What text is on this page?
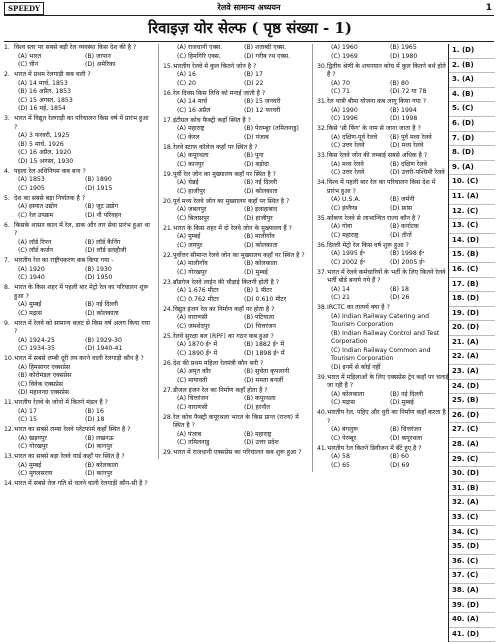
SPEEDY	रेलवे सामान्य अध्ययन	1
रिवाइज़ योर सेल्फ ( पृष्ठ संख्या - 1)
1. विश्व स्तर पर सबसे बड़ी रेल व्यवस्था किस देश की है ?
(A) भारत	(B) जापान
(C) चीन	(D) अमेरिका
2. भारत में प्रथम रेलगाड़ी कब चली ?
(A) 14 मार्च, 1853
(B) 16 अप्रैल, 1853
(C) 15 अगस्त, 1853
(D) 16 मई, 1854
3. भारत में विद्युत रेलगाड़ी का परिचालन किस वर्ष में प्रारंभ हुआ ?
(A) 3 फरवरी, 1925
(B) 5 मार्च, 1926
(C) 16 अप्रैल, 1920
(D) 15 अगस्त, 1930
4. पहला रेल अधिनियम कब बना ?
(A) 1853	(B) 1890
(C) 1905	(D) 1915
5. देश का सबसे बड़ा निर्यातक है ?
(A) इस्पात उद्योग	(B) जूट उद्योग
(C) रेल उपक्रम	(D) नौ परिवहन
6. किसके शासन काल में रेल, डाक और तार सेवा प्रारंभ हुआ था ?
(A) लॉर्ड रिपन	(B) लॉर्ड कैनिंग
(C) लॉर्ड कर्जन	(D) लॉर्ड डलहौजी
7. भारतीय रेल का राष्ट्रीयकरण कब किया गया -
(A) 1920	(B) 1930
(C) 1940	(D) 1950
8. भारत के किस शहर में पहली बार मेट्रो रेल का परिचालन शुरू हुआ ?
(A) मुम्बई	(B) नई दिल्ली
(C) मद्रास	(D) कोलकाता
9. भारत में रेलवे को सामान्य बजट से किस वर्ष अलग किया गया ?
(A) 1924-25	(B) 1929-30
(C) 1934-35	(D) 1940-41
10. भारत में सबसे लम्बी दूरी तय करने वाली रेलगाड़ी कौन है ?
(A) हिमसागर एक्सप्रेस
(B) कोरोमंडल एक्सप्रेस
(C) विवेक एक्सप्रेस
(D) महानन्दा एक्सप्रेस
11. भारतीय रेलवे के जोनों में कितने मंडल हैं ?
(A) 17	(B) 16
(C) 15	(D) 18
12. भारत का सबसे लम्बा रेलवे प्लेटफार्म कहाँ स्थित है ?
(A) खड़गपुर	(B) लखनऊ
(C) गोरखपुर	(D) कानपुर
13. भारत का सबसे बड़ा रेलवे यार्ड कहाँ पर स्थित है ?
(A) मुम्बई	(B) कोलकाता
(C) मुगलसराय	(D) कानपुर
14. भारत में सबसे तेज गति से चलने वाली रेलगाड़ी कौन-सी है ?
(A) राजधानी एक्स.	(B) शताब्दी एक्स.
(C) हिमगिरि एक्स.	(D) गरीब रथ एक्स.
15. भारतीय रेलवे में कुल कितने जोन है ?
(A) 16	(B) 17
(C) 20	(D) 22
16. रेल दिवस किस तिथि को मनाई जाती है ?
(A) 14 मार्च	(B) 15 जनवरी
(C) 16 अप्रैल	(D) 12 फरवरी
17. इंटीग्रल कोच फैक्ट्री कहाँ स्थित है ?
(A) महाराष्ट्र	(B) पेराम्बूर (तमिलनाडु)
(C) केरल	(D) पंजाब
18. रेलवे स्टाफ कॉलेज कहाँ पर स्थित है ?
(A) कपूरथला	(B) पूना
(C) कानपुर	(D) बड़ोदा
19. पूर्वी रेल जोन का मुख्यालय कहाँ पर स्थित है ?
(A) चेन्नई	(B) नई दिल्ली
(C) हाजीपुर	(D) कोलकाता
20. पूर्व मध्य रेलवे जोन का मुख्यालय कहाँ पर स्थित है ?
(A) जबलपुर	(B) इलाहाबाद
(C) बिलासपुर	(D) हाजीपुर
21. भारत के किस शहर में दो रेलवे जोन के मुख्यालय हैं ?
(A) मुम्बई	(B) मालीगाँव
(C) जयपुर	(D) कोलकाता
22. पूर्वोत्तर सीमान्त रेलवे जोन का मुख्यालय कहाँ पर स्थित है ?
(A) मालीगाँव	(B) कोलकाता
(C) गोरखपुर	(D) मुम्बई
23. ब्रॉडगेज रेलवे लाईन की चौड़ाई कितनी होती है ?
(A) 1.676 मीटर	(B) 1 मीटर
(C) 0.762 मीटर	(D) 0.610 मीटर
24. विद्युत इंजन रेल का निर्माण कहाँ पर होता है ?
(A) वाराणसी	(B) पटियाला
(C) जमशेदपुर	(D) चित्तरंजन
25. रेलवे सुरक्षा बल (RPF) का गठन कब हुआ ?
(A) 1870 ई॰ में	(B) 1882 ई॰ में
(C) 1890 ई॰ में	(D) 1898 ई॰ में
26. देश की प्रथम महिला रेलमंत्री कौन बनी ?
(A) अमृत कौर	(B) सुचेता कृपलानी
(C) मायावती	(D) ममता बनर्जी
27. डीजल इंजन रेल का निर्माण कहाँ होता है ?
(A) चित्तरंजन	(B) कपूरथला
(C) वाराणसी	(D) हरनौत
28. रेल कोच फैक्ट्री कपूरथला भारत के किस प्रान्त (राज्य) में स्थित है ?
(A) पंजाब	(B) महाराष्ट्र
(C) तमिलनाडु	(D) उत्तर प्रदेश
29. भारत में राजधानी एक्सप्रेस का परिचालन कब शुरू हुआ ?
(A) 1960	(B) 1965
(C) 1969	(D) 1980
30. द्वितीय श्रेणी के शयनयान कोच में कुल कितने बर्थ होते हैं ?
(A) 70	(B) 80
(C) 71	(D) 72 या 78
31. रेल यात्री बीमा योजना कब लागू किया गया ?
(A) 1990	(B) 1994
(C) 1996	(D) 1998
32. किसे 'थ्री फिंग' के नाम से जाना जाता है ?
(A) दक्षिण-पूर्व रेलवे	(B) पूर्व मध्य रेलवे
(C) उत्तर रेलवे	(D) मध्य रेलवे
33. किस रेलवे जोन की लम्बाई सबसे अधिक है ?
(A) मध्य रेलवे	(B) दक्षिण रेलवे
(C) उत्तर रेलवे	(D) उत्तरी-पश्चिमी रेलवे
34. विश्व में पहली बार रेल का परिचालन किस देश में प्रारंभ हुआ ?
(A) U.S.A.	(B) जर्मनी
(C) इंग्लैण्ड	(D) फ्रांस
35. कोंकण रेलवे से लाभान्वित राज्य कौन है ?
(A) गोवा	(B) कर्नाटक
(C) महाराष्ट्र	(D) तीनों
36. दिल्ली मेट्रो रेल किस वर्ष शुरू हुआ ?
(A) 1995 ई॰	(B) 1998 ई॰
(C) 2002 ई॰	(D) 2005 ई॰
37. भारत में रेलवे कर्मचारियों के भर्ती के लिए कितने रेलवे भर्ती बोर्ड बनाये गये हैं ?
(A) 14	(B) 18
(C) 21	(D) 26
38. IRCTC का तात्पर्य क्या है ?
(A) Indian Railway Catering and Tourism Corporation
(B) Indian Railway Control and Test Corporation
(C) Indian Railway Common and Tourism Corporation
(D) इनमें से कोई नहीं
39. भारत में महिलाओं के लिए एक्सप्रेस ट्रेन कहाँ पर चलाई जा रही है ?
(A) कोलकाता	(B) नई दिल्ली
(C) मद्रास	(D) मुम्बई
40. भारतीय रेल, पहिए और धुरी का निर्माण कहाँ करता है ?
(A) बंगलुरू	(B) चित्तरंजन
(C) पेरम्बूर	(D) कपूरथला
41. भारतीय रेल कितने डिवीजन में बँटे हुए है ?
(A) 58	(B) 60
(C) 65	(D) 69
1. (D)
2. (B)
3. (A)
4. (B)
5. (C)
6. (D)
7. (D)
8. (D)
9. (A)
10. (C)
11. (A)
12. (C)
13. (C)
14. (D)
15. (B)
16. (C)
17. (B)
18. (D)
19. (D)
20. (D)
21. (A)
22. (A)
23. (A)
24. (D)
25. (B)
26. (D)
27. (C)
28. (A)
29. (C)
30. (D)
31. (B)
32. (A)
33. (C)
34. (C)
35. (D)
36. (C)
37. (C)
38. (A)
39. (D)
40. (A)
41. (D)
